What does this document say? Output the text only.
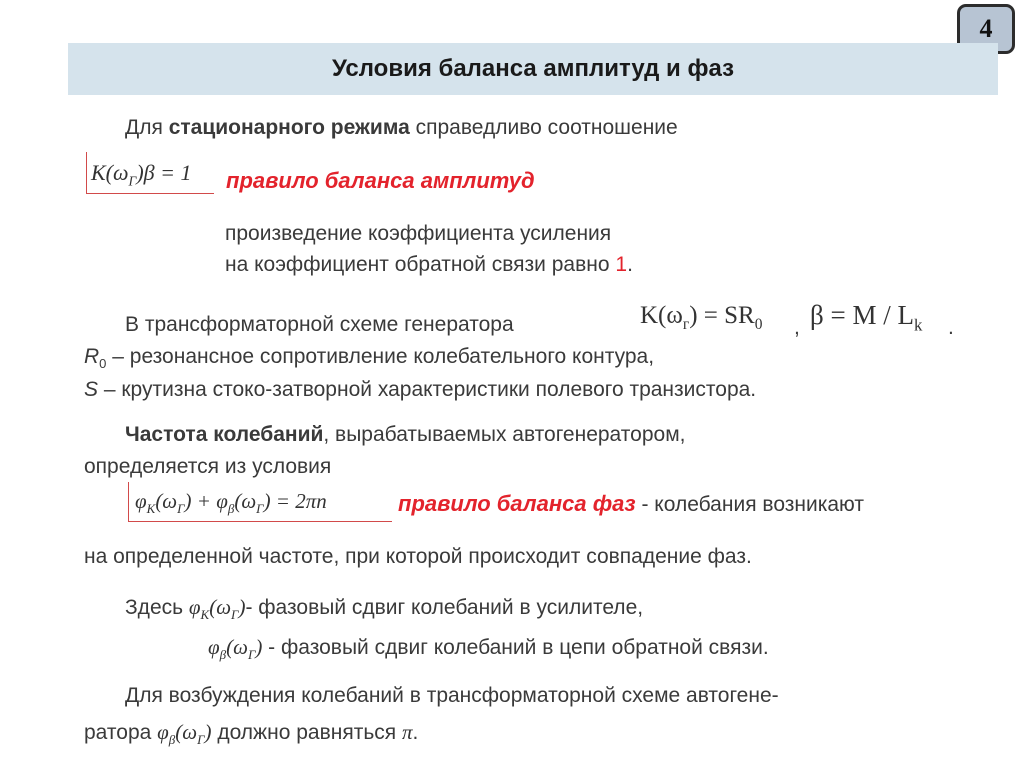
4
Условия баланса амплитуд и фаз
Для стационарного режима справедливо соотношение
$K(\omega_Г)\beta = 1$	правило баланса амплитуд
произведение коэффициента усиления
на коэффициент обратной связи равно 1.
В трансформаторной схеме генератора	$K(\omega_г) = SR_0$ , $\beta = M / L_k$ .
$R_0$ – резонансное сопротивление колебательного контура,
S – крутизна стоко-затворной характеристики полевого транзистора.
Частота колебаний, вырабатываемых автогенератором,
определяется из условия
$\varphi_K(\omega_Г) + \varphi_\beta(\omega_Г) = 2\pi n$	правило баланса фаз - колебания возникают
на определенной частоте, при которой происходит совпадение фаз.
Здесь $\varphi_K(\omega_Г)-$ фазовый сдвиг колебаний в усилителе,
$\varphi_\beta(\omega_Г)$ - фазовый сдвиг колебаний в цепи обратной связи.
Для возбуждения колебаний в трансформаторной схеме автогене-
ратора $\varphi_\beta(\omega_Г)$ должно равняться π.
